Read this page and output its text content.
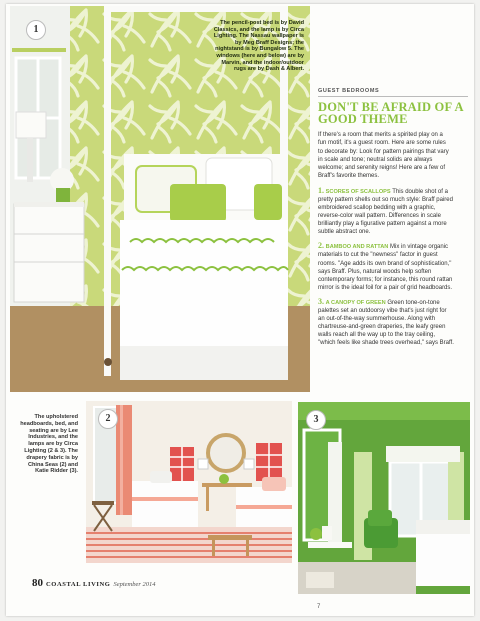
1
The pencil-post bed is by David Classics, and the lamp is by Circa Lighting. The Nassau wallpaper is by Meg Braff Designs; the nightstand is by Bungalow 5. The windows (here and below) are by Marvin, and the indoor/outdoor rugs are by Dash & Albert.
GUEST BEDROOMS
DON'T BE AFRAID OF A GOOD THEME
If there's a room that merits a spirited play on a fun motif, it's a guest room. Here are some rules to decorate by: Look for pattern pairings that vary in scale and tone; neutral solids are always welcome; and serenity reigns! Here are a few of Braff's favorite themes.
1. SCORES OF SCALLOPS This double shot of a pretty pattern shells out so much style: Braff paired embroidered scallop bedding with a graphic, reverse-color wall pattern. Differences in scale brilliantly play a figurative pattern against a more subtle abstract one.
2. BAMBOO AND RATTAN Mix in vintage organic materials to cut the "newness" factor in guest rooms. "Age adds its own brand of sophistication," says Braff. Plus, natural woods help soften contemporary forms; for instance, this round rattan mirror is the ideal foil for a pair of grid headboards.
3. A CANOPY OF GREEN Green tone-on-tone palettes set an outdoorsy vibe that's just right for an out-of-the-way summerhouse. Along with chartreuse-and-green draperies, the leafy green walls reach all the way up to the tray ceiling, "which feels like shade trees overhead," says Braff.
The upholstered headboards, bed, and seating are by Lee Industries, and the lamps are by Circa Lighting (2 & 3). The drapery fabric is by China Seas (2) and Katie Ridder (3).
2	3
80 COASTAL LIVING September 2014
7
